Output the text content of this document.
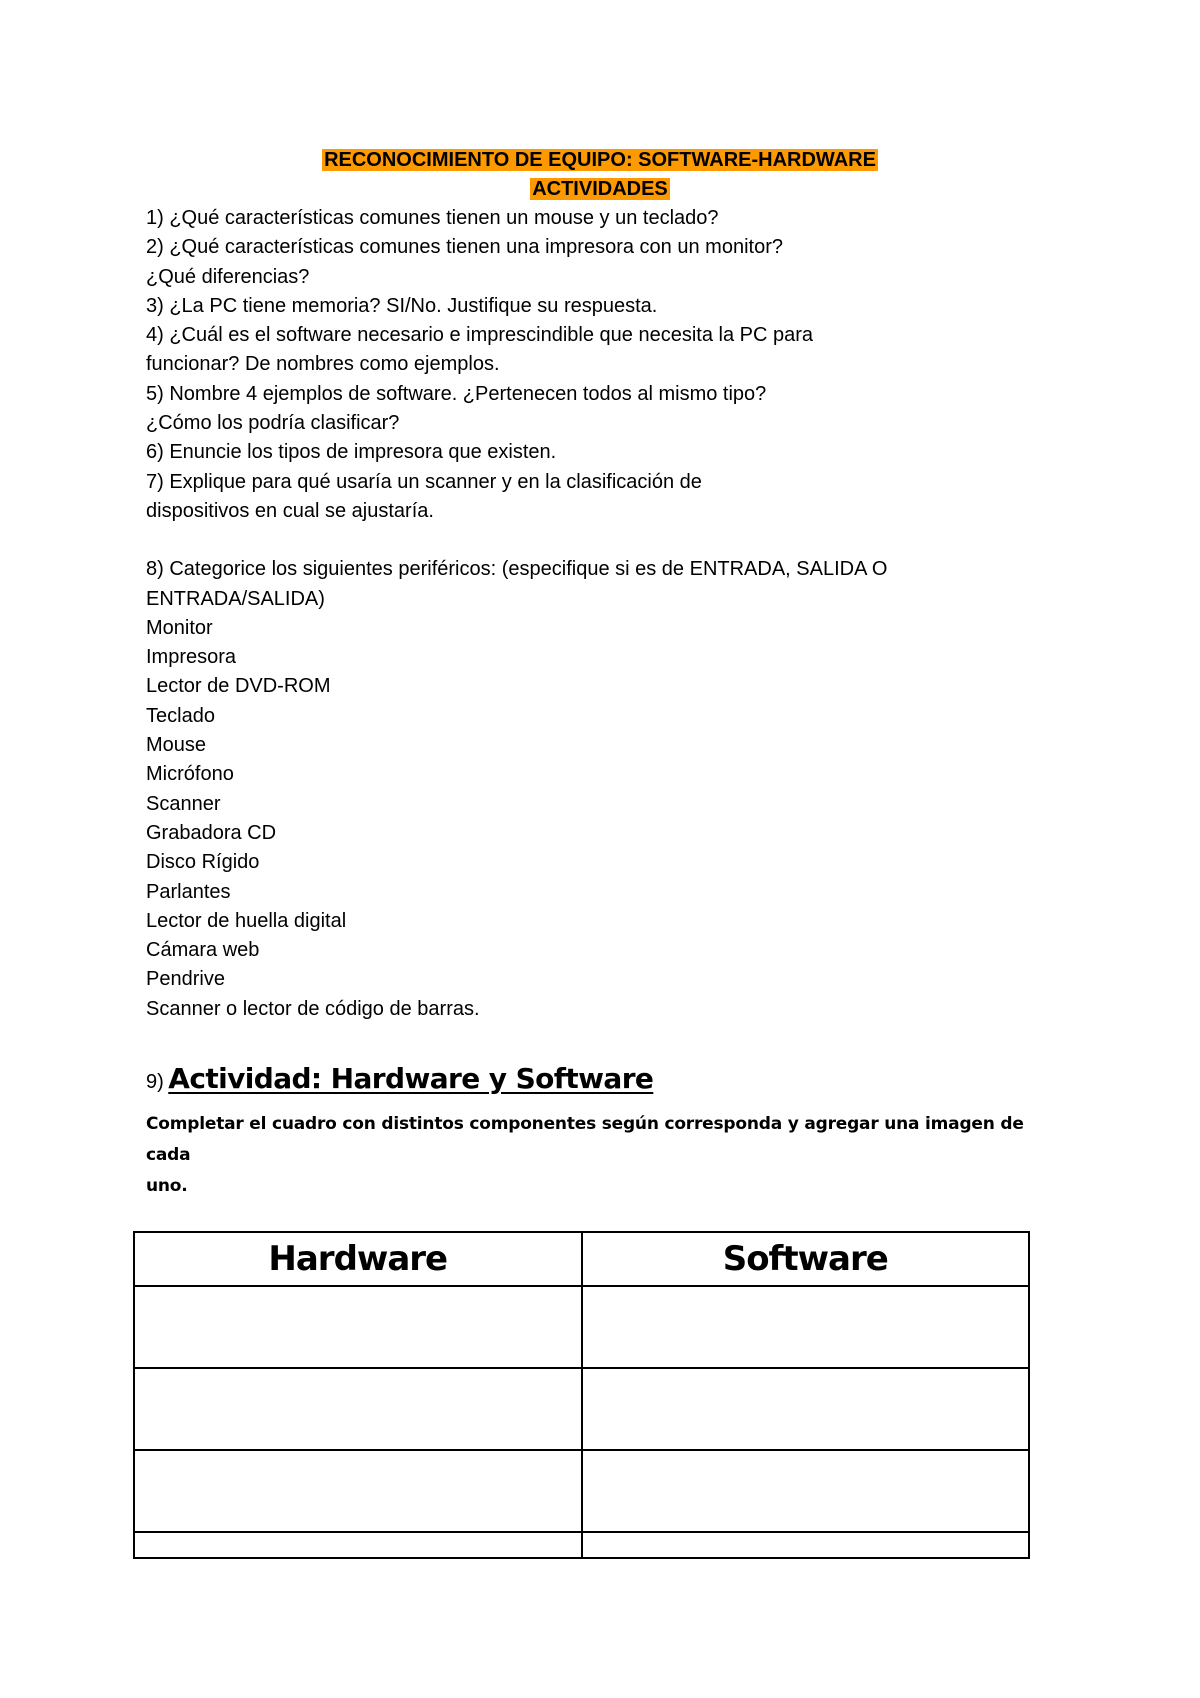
RECONOCIMIENTO DE EQUIPO: SOFTWARE-HARDWARE
ACTIVIDADES
1) ¿Qué características comunes tienen un mouse y un teclado?
2) ¿Qué características comunes tienen una impresora con un monitor?
¿Qué diferencias?
3) ¿La PC tiene memoria? SI/No. Justifique su respuesta.
4) ¿Cuál es el software necesario e imprescindible que necesita la PC para
funcionar? De nombres como ejemplos.
5) Nombre 4 ejemplos de software. ¿Pertenecen todos al mismo tipo?
¿Cómo los podría clasificar?
6) Enuncie los tipos de impresora que existen.
7) Explique para qué usaría un scanner y en la clasificación de
dispositivos en cual se ajustaría.
8) Categorice los siguientes periféricos: (especifique si es de ENTRADA, SALIDA O
ENTRADA/SALIDA)
Monitor
Impresora
Lector de DVD-ROM
Teclado
Mouse
Micrófono
Scanner
Grabadora CD
Disco Rígido
Parlantes
Lector de huella digital
Cámara web
Pendrive
Scanner o lector de código de barras.
9) Actividad: Hardware y Software
Completar el cuadro con distintos componentes según corresponda y agregar una imagen de cada
uno.
Hardware	Software
